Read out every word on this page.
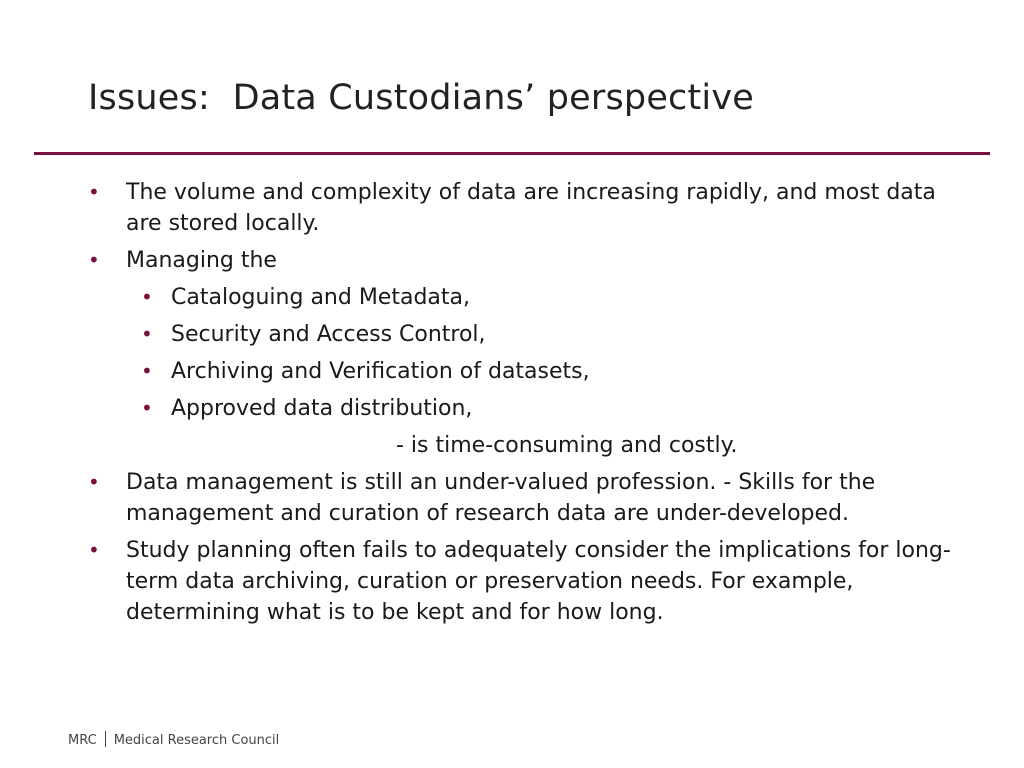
Issues:  Data Custodians’ perspective
•	The volume and complexity of data are increasing rapidly, and most data are stored locally.
•	Managing the
• Cataloguing and Metadata,
• Security and Access Control,
• Archiving and Verification of datasets,
• Approved data distribution,
- is time-consuming and costly.
•	Data management is still an under-valued profession. - Skills for the management and curation of research data are under-developed.
•	Study planning often fails to adequately consider the implications for long-term data archiving, curation or preservation needs. For example, determining what is to be kept and for how long.
MRC Medical Research Council
